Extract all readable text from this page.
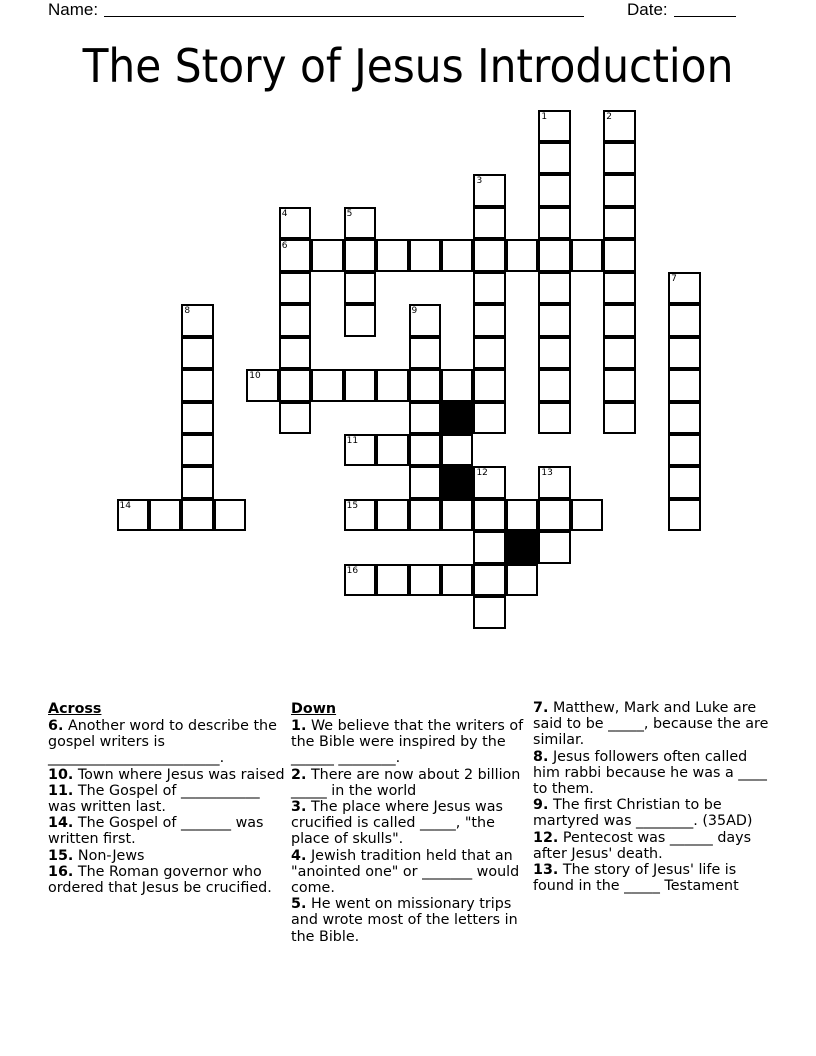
Name:	Date:
The Story of Jesus Introduction
1	2
3
4
6
5
7
8	9
10
11
12	13
14	15
16
Across
6. Another word to describe the gospel writers is ________________________.
10. Town where Jesus was raised
11. The Gospel of ___________ was written last.
14. The Gospel of _______ was written first.
15. Non-Jews
16. The Roman governor who ordered that Jesus be crucified.
Down
1. We believe that the writers of the Bible were inspired by the ______ ________.
2. There are now about 2 billion _____ in the world
3. The place where Jesus was crucified is called _____, "the place of skulls".
4. Jewish tradition held that an "anointed one" or _______ would come.
5. He went on missionary trips and wrote most of the letters in the Bible.
7. Matthew, Mark and Luke are said to be _____, because the are similar.
8. Jesus followers often called him rabbi because he was a ____ to them.
9. The first Christian to be martyred was ________. (35AD)
12. Pentecost was ______ days after Jesus' death.
13. The story of Jesus' life is found in the _____ Testament
